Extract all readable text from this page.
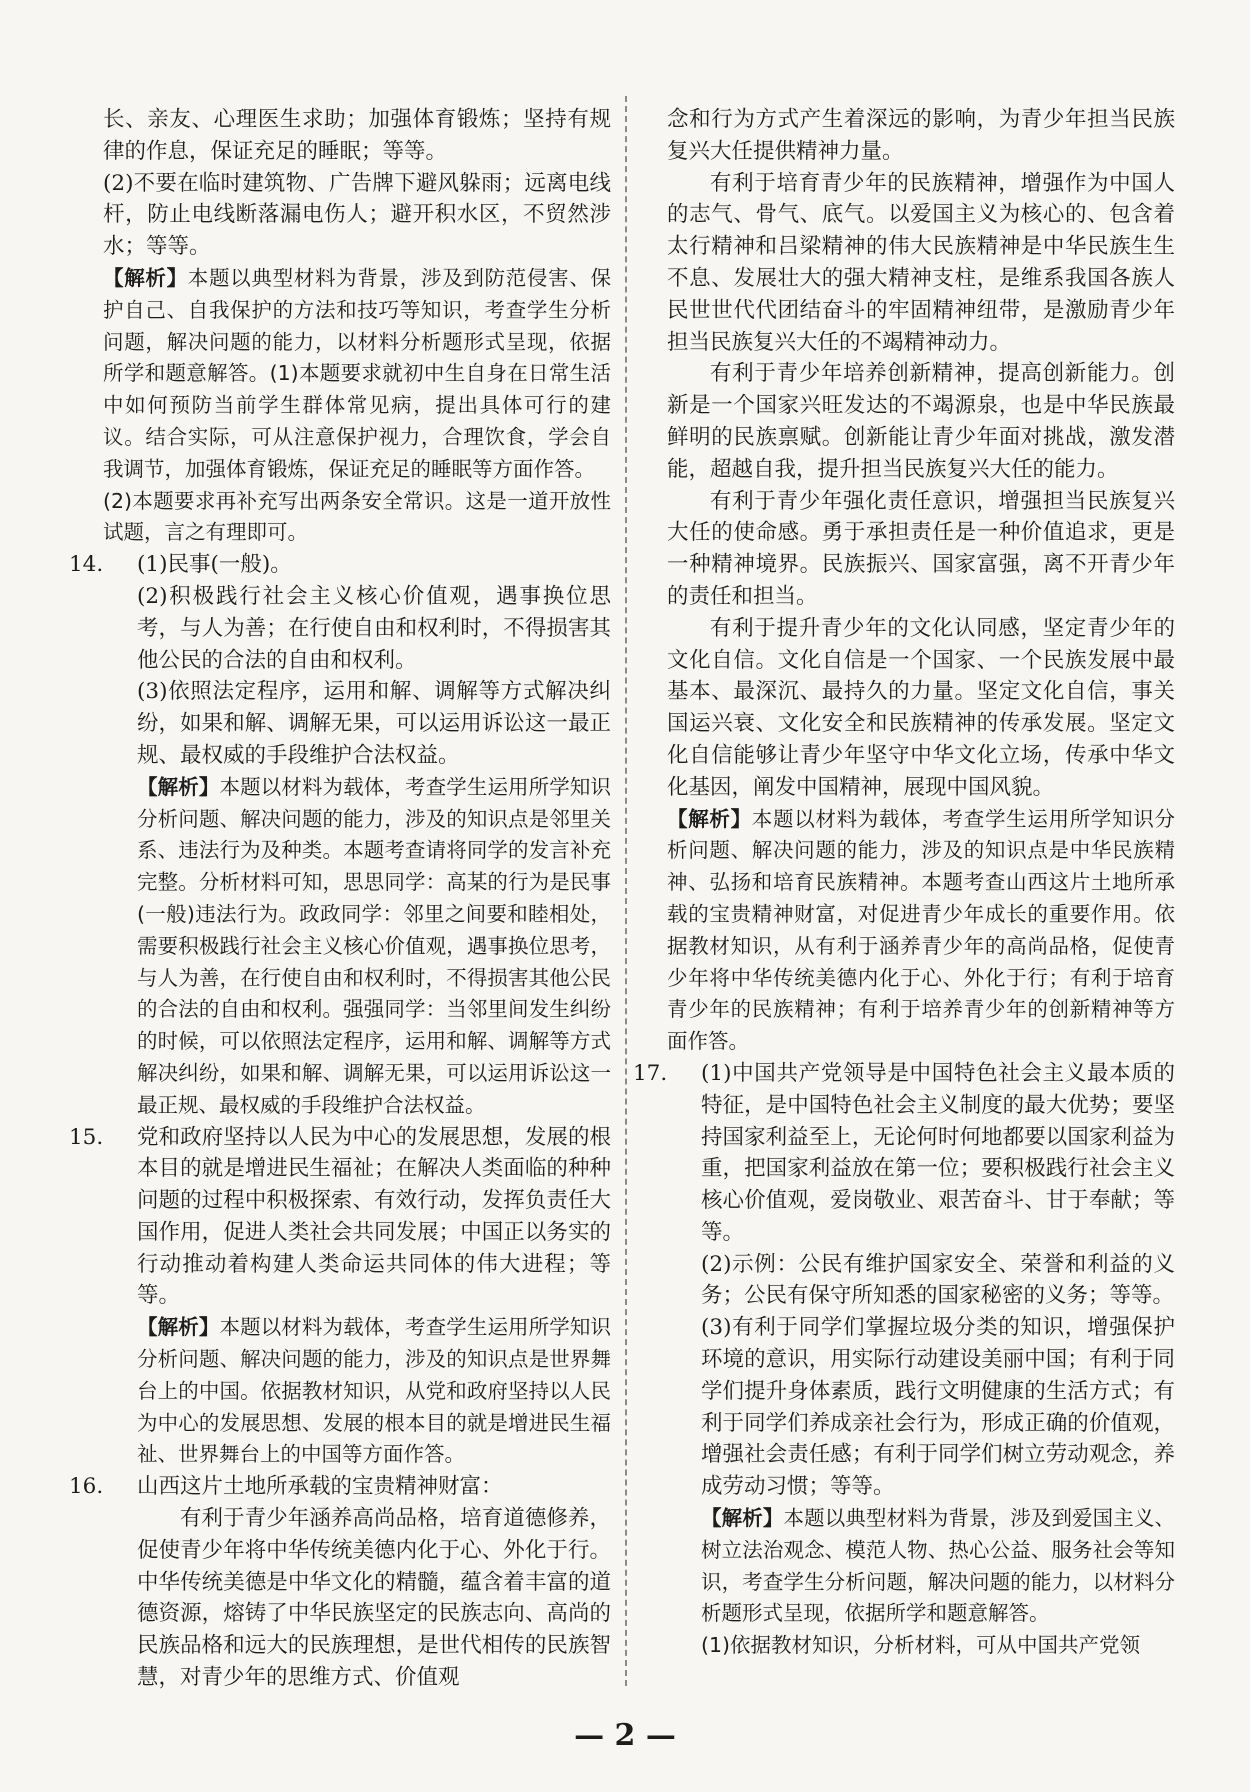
长、亲友、心理医生求助；加强体育锻炼；坚持有规律的作息，保证充足的睡眠；等等。

(2)不要在临时建筑物、广告牌下避风躲雨；远离电线杆，防止电线断落漏电伤人；避开积水区，不贸然涉水；等等。

【解析】本题以典型材料为背景，涉及到防范侵害、保护自己、自我保护的方法和技巧等知识，考查学生分析问题，解决问题的能力，以材料分析题形式呈现，依据所学和题意解答。(1)本题要求就初中生自身在日常生活中如何预防当前学生群体常见病，提出具体可行的建议。结合实际，可从注意保护视力，合理饮食，学会自我调节，加强体育锻炼，保证充足的睡眠等方面作答。

(2)本题要求再补充写出两条安全常识。这是一道开放性试题，言之有理即可。

14. (1)民事(一般)。

(2)积极践行社会主义核心价值观，遇事换位思考，与人为善；在行使自由和权利时，不得损害其他公民的合法的自由和权利。

(3)依照法定程序，运用和解、调解等方式解决纠纷，如果和解、调解无果，可以运用诉讼这一最正规、最权威的手段维护合法权益。

【解析】本题以材料为载体，考查学生运用所学知识分析问题、解决问题的能力，涉及的知识点是邻里关系、违法行为及种类。本题考查请将同学的发言补充完整。分析材料可知，思思同学：高某的行为是民事(一般)违法行为。政政同学：邻里之间要和睦相处，需要积极践行社会主义核心价值观，遇事换位思考，与人为善，在行使自由和权利时，不得损害其他公民的合法的自由和权利。强强同学：当邻里间发生纠纷的时候，可以依照法定程序，运用和解、调解等方式解决纠纷，如果和解、调解无果，可以运用诉讼这一最正规、最权威的手段维护合法权益。

15. 党和政府坚持以人民为中心的发展思想，发展的根本目的就是增进民生福祉；在解决人类面临的种种问题的过程中积极探索、有效行动，发挥负责任大国作用，促进人类社会共同发展；中国正以务实的行动推动着构建人类命运共同体的伟大进程；等等。

【解析】本题以材料为载体，考查学生运用所学知识分析问题、解决问题的能力，涉及的知识点是世界舞台上的中国。依据教材知识，从党和政府坚持以人民为中心的发展思想、发展的根本目的就是增进民生福祉、世界舞台上的中国等方面作答。

16. 山西这片土地所承载的宝贵精神财富：

有利于青少年涵养高尚品格，培育道德修养，促使青少年将中华传统美德内化于心、外化于行。中华传统美德是中华文化的精髓，蕴含着丰富的道德资源，熔铸了中华民族坚定的民族志向、高尚的民族品格和远大的民族理想，是世代相传的民族智慧，对青少年的思维方式、价值观

念和行为方式产生着深远的影响，为青少年担当民族复兴大任提供精神力量。

有利于培育青少年的民族精神，增强作为中国人的志气、骨气、底气。以爱国主义为核心的、包含着太行精神和吕梁精神的伟大民族精神是中华民族生生不息、发展壮大的强大精神支柱，是维系我国各族人民世世代代团结奋斗的牢固精神纽带，是激励青少年担当民族复兴大任的不竭精神动力。

有利于青少年培养创新精神，提高创新能力。创新是一个国家兴旺发达的不竭源泉，也是中华民族最鲜明的民族禀赋。创新能让青少年面对挑战，激发潜能，超越自我，提升担当民族复兴大任的能力。

有利于青少年强化责任意识，增强担当民族复兴大任的使命感。勇于承担责任是一种价值追求，更是一种精神境界。民族振兴、国家富强，离不开青少年的责任和担当。

有利于提升青少年的文化认同感，坚定青少年的文化自信。文化自信是一个国家、一个民族发展中最基本、最深沉、最持久的力量。坚定文化自信，事关国运兴衰、文化安全和民族精神的传承发展。坚定文化自信能够让青少年坚守中华文化立场，传承中华文化基因，阐发中国精神，展现中国风貌。

【解析】本题以材料为载体，考查学生运用所学知识分析问题、解决问题的能力，涉及的知识点是中华民族精神、弘扬和培育民族精神。本题考查山西这片土地所承载的宝贵精神财富，对促进青少年成长的重要作用。依据教材知识，从有利于涵养青少年的高尚品格，促使青少年将中华传统美德内化于心、外化于行；有利于培育青少年的民族精神；有利于培养青少年的创新精神等方面作答。

17. (1)中国共产党领导是中国特色社会主义最本质的特征，是中国特色社会主义制度的最大优势；要坚持国家利益至上，无论何时何地都要以国家利益为重，把国家利益放在第一位；要积极践行社会主义核心价值观，爱岗敬业、艰苦奋斗、甘于奉献；等等。

(2)示例：公民有维护国家安全、荣誉和利益的义务；公民有保守所知悉的国家秘密的义务；等等。

(3)有利于同学们掌握垃圾分类的知识，增强保护环境的意识，用实际行动建设美丽中国；有利于同学们提升身体素质，践行文明健康的生活方式；有利于同学们养成亲社会行为，形成正确的价值观，增强社会责任感；有利于同学们树立劳动观念，养成劳动习惯；等等。

【解析】本题以典型材料为背景，涉及到爱国主义、树立法治观念、模范人物、热心公益、服务社会等知识，考查学生分析问题，解决问题的能力，以材料分析题形式呈现，依据所学和题意解答。

(1)依据教材知识，分析材料，可从中国共产党领

— 2 —
